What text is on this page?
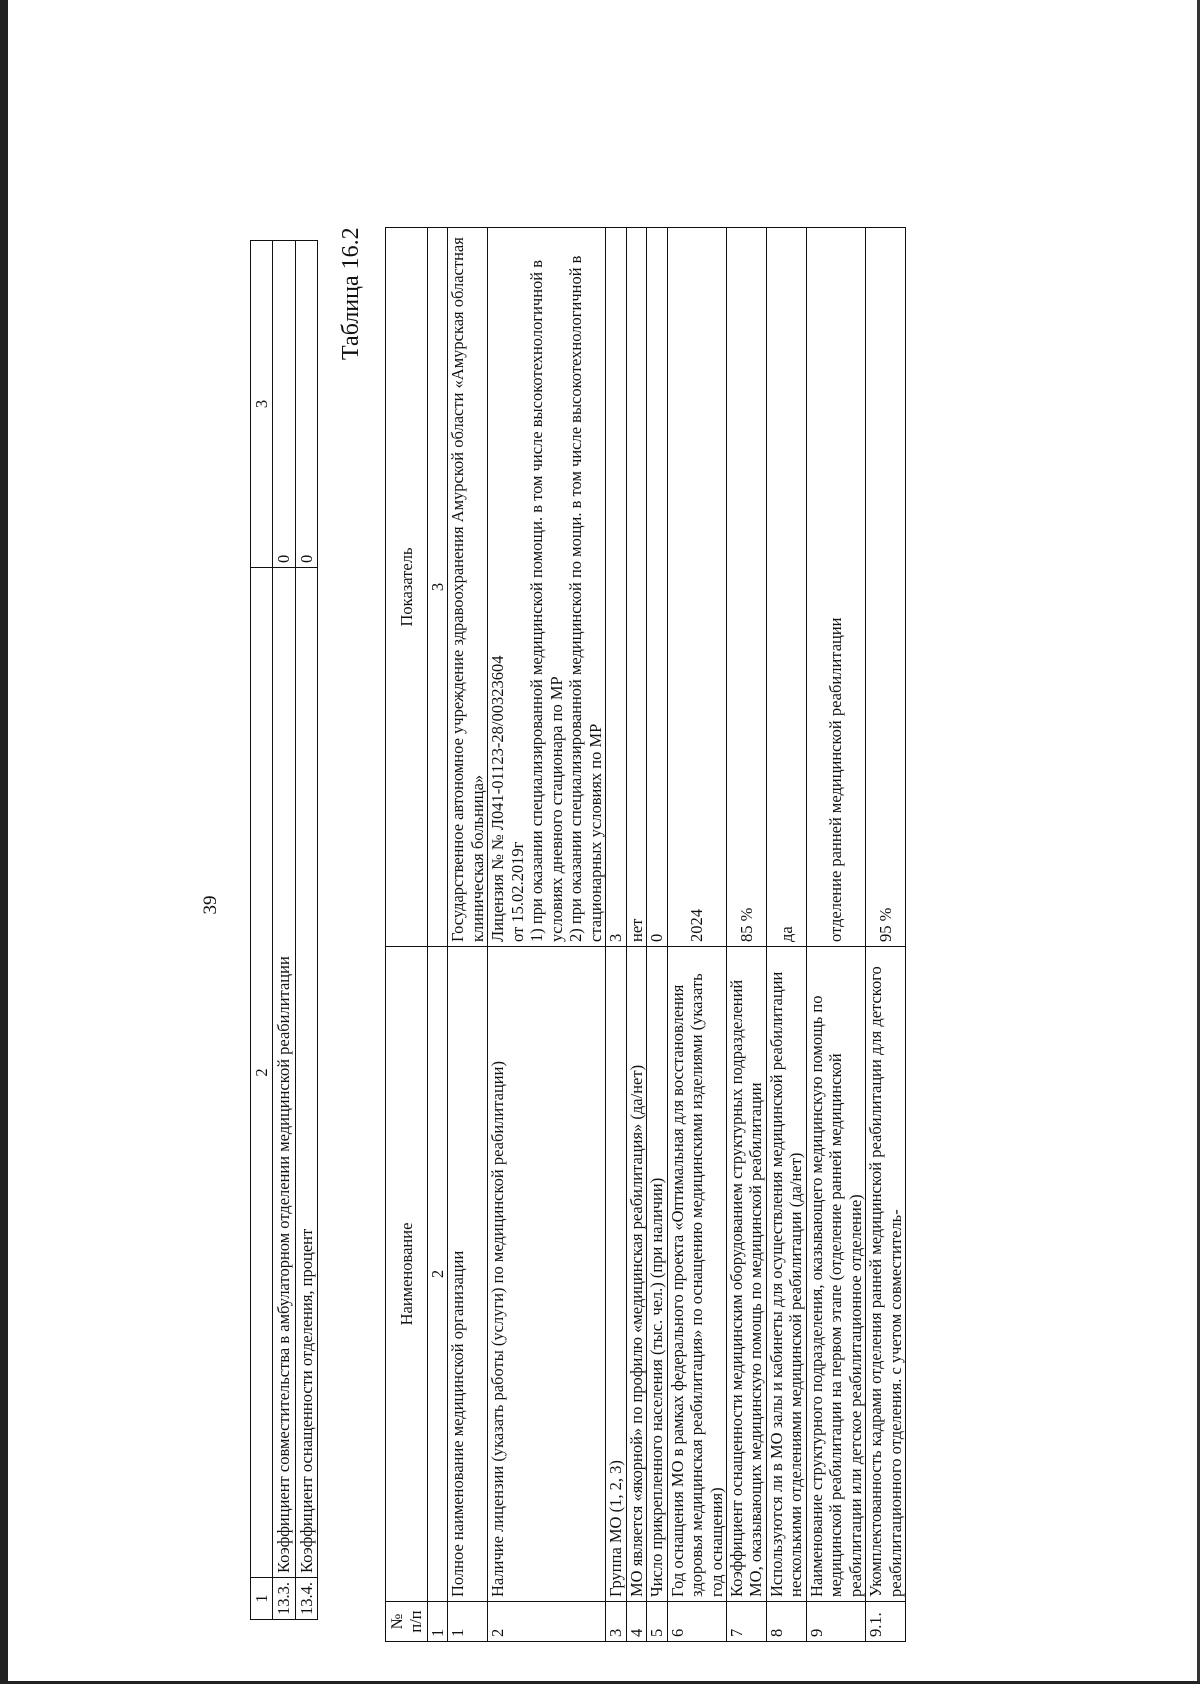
39
1	2	3
13.3.	Коэффициент совместительства в амбулаторном отделении медицинской реабилитации	0
13.4.	Коэффициент оснащенности отделения, процент	0
Таблица 16.2
№ п/п	Наименование	Показатель
1	2	3
1	Полное наименование медицинской организации	Государственное автономное учреждение здравоохранения Амурской области «Амурская областная клиническая больница»

2	Наличие лицензии (указать работы (услуги) по медицинской реабилитации)	Лицензия № № Л041-01123-28/00323604 от 15.02.2019г 1) при оказании специализированной медицинской помощи. в том числе высокотехнологичной в условиях дневного стационара по МР 2) при оказании специализированной медицинской по мощи. в том числе высокотехнологичной в стационарных условиях по МР

3	Группа МО (1, 2, 3)	3

4	МО является «якорной» по профилю «медицинская реабилитация» (да/нет)	нет

5	Число прикрепленного населения (тыс. чел.) (при наличии)	0

6	Год оснащения МО в рамках федерального проекта «Оптимальная для восстановления здоровья медицинская реабилитация» по оснащению медицинскими изделиями (указать год оснащения)	2024

7	Коэффициент оснащенности медицинским оборудованием структурных подразделений МО, оказывающих медицинскую помощь по медицинской реабилитации	85 %

8	Используются ли в МО залы и кабинеты для осуществления медицинской реабилитации несколькими отделениями медицинской реабилитации (да/нет)	да

9	Наименование структурного подразделения, оказывающего медицинскую помощь по медицинской реабилитации на первом этапе (отделение ранней медицинской реабилитации или детское реабилитационное отделение)	отделение ранней медицинской реабилитации

9.1.	Укомплектованность кадрами отделения ранней медицинской реабилитации для детского реабилитационного отделения. с учетом совместитель-	95 %
